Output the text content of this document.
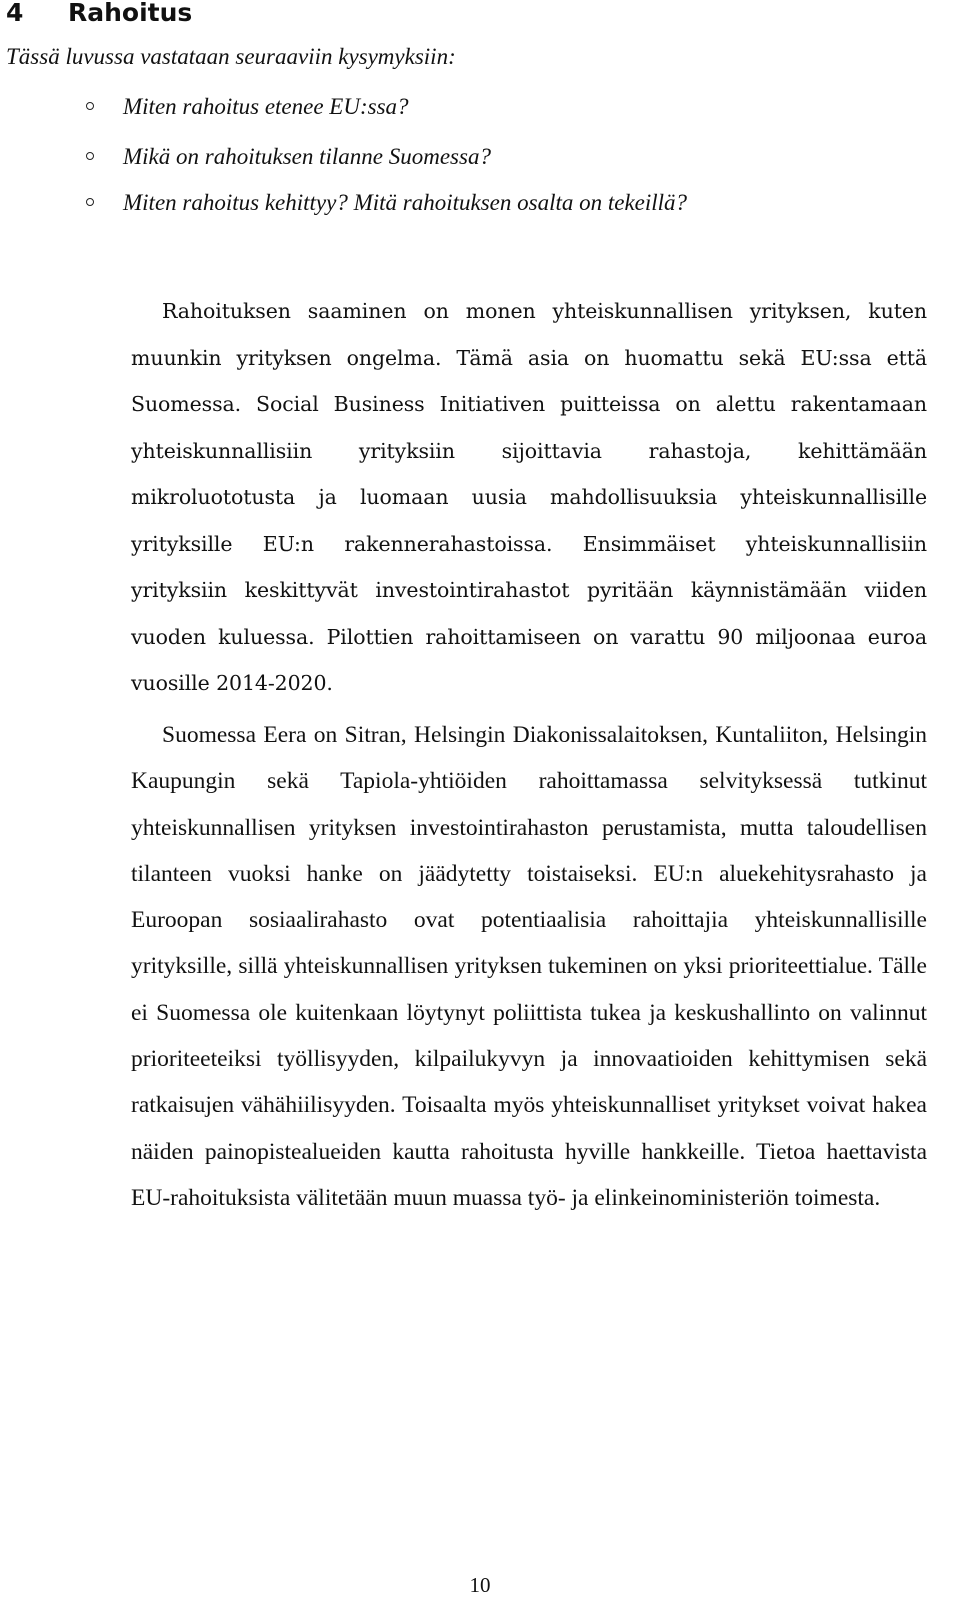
4 Rahoitus
Tässä luvussa vastataan seuraaviin kysymyksiin:
Miten rahoitus etenee EU:ssa?
Mikä on rahoituksen tilanne Suomessa?
Miten rahoitus kehittyy? Mitä rahoituksen osalta on tekeillä?
Rahoituksen saaminen on monen yhteiskunnallisen yrityksen, kuten muunkin yrityksen ongelma. Tämä asia on huomattu sekä EU:ssa että Suomessa. Social Business Initiativen puitteissa on alettu rakentamaan yhteiskunnallisiin yrityksiin sijoittavia rahastoja, kehittämään mikroluototusta ja luomaan uusia mahdollisuuksia yhteiskunnallisille yrityksille EU:n rakennerahastoissa. Ensimmäiset yhteiskunnallisiin yrityksiin keskittyvät investointirahastot pyritään käynnistämään viiden vuoden kuluessa. Pilottien rahoittamiseen on varattu 90 miljoonaa euroa vuosille 2014-2020.
Suomessa Eera on Sitran, Helsingin Diakonissalaitoksen, Kuntaliiton, Helsingin Kaupungin sekä Tapiola-yhtiöiden rahoittamassa selvityksessä tutkinut yhteiskunnallisen yrityksen investointirahaston perustamista, mutta taloudellisen tilanteen vuoksi hanke on jäädytetty toistaiseksi. EU:n aluekehitysrahasto ja Euroopan sosiaalirahasto ovat potentiaalisia rahoittajia yhteiskunnallisille yrityksille, sillä yhteiskunnallisen yrityksen tukeminen on yksi prioriteettialue. Tälle ei Suomessa ole kuitenkaan löytynyt poliittista tukea ja keskushallinto on valinnut prioriteeteiksi työllisyyden, kilpailukyvyn ja innovaatioiden kehittymisen sekä ratkaisujen vähähiilisyyden. Toisaalta myös yhteiskunnalliset yritykset voivat hakea näiden painopistealueiden kautta rahoitusta hyville hankkeille. Tietoa haettavista EU-rahoituksista välitetään muun muassa työ- ja elinkeinoministeriön toimesta.
10
